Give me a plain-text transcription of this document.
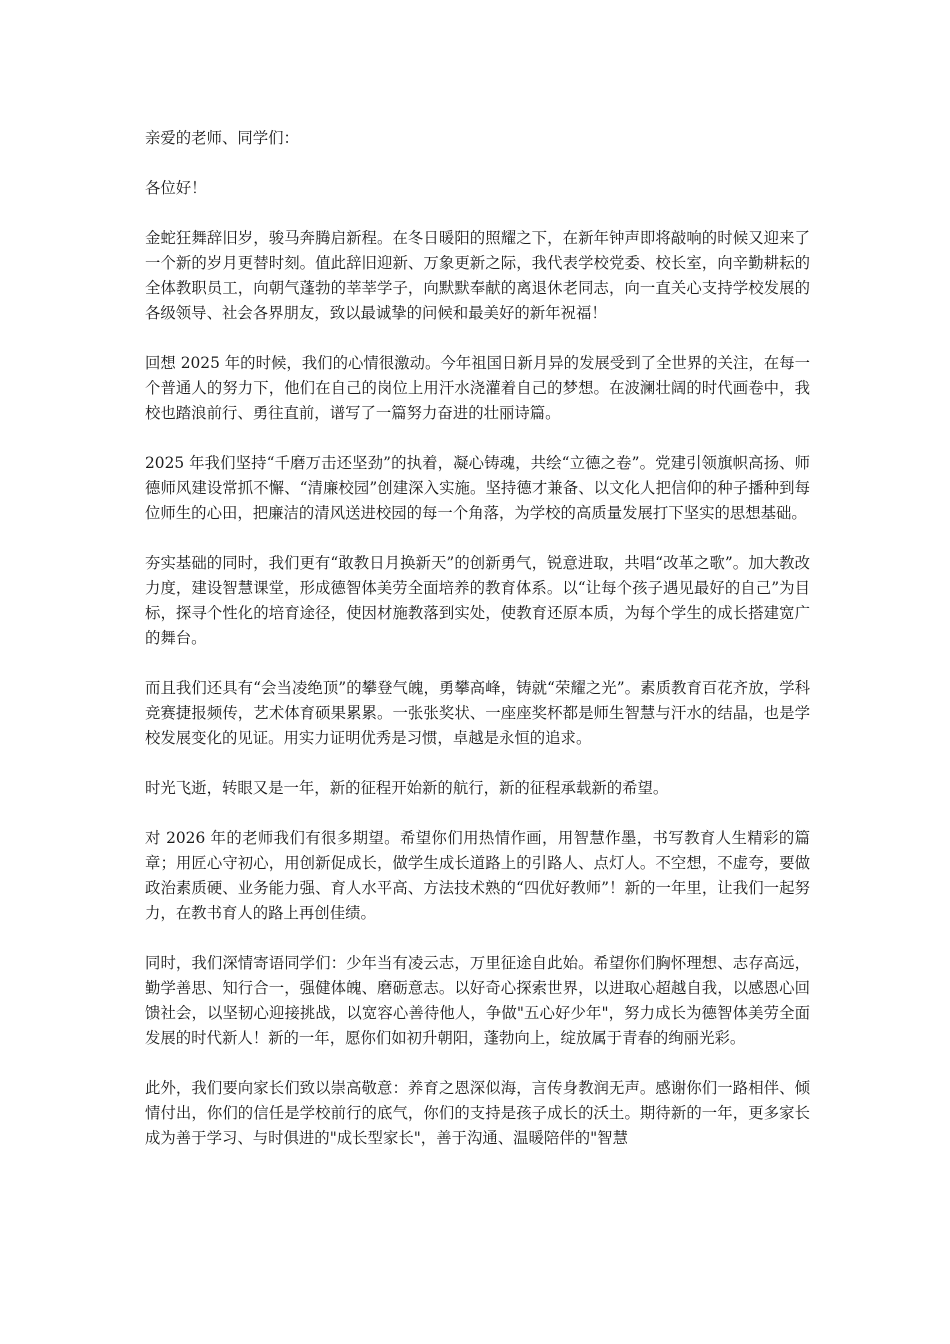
亲爱的老师、同学们：

各位好！

金蛇狂舞辞旧岁，骏马奔腾启新程。在冬日暖阳的照耀之下，在新年钟声即将敲响的时候又迎来了一个新的岁月更替时刻。值此辞旧迎新、万象更新之际，我代表学校党委、校长室，向辛勤耕耘的全体教职员工，向朝气蓬勃的莘莘学子，向默默奉献的离退休老同志，向一直关心支持学校发展的各级领导、社会各界朋友，致以最诚挚的问候和最美好的新年祝福！

回想 2025 年的时候，我们的心情很激动。今年祖国日新月异的发展受到了全世界的关注，在每一个普通人的努力下，他们在自己的岗位上用汗水浇灌着自己的梦想。在波澜壮阔的时代画卷中，我校也踏浪前行、勇往直前，谱写了一篇努力奋进的壮丽诗篇。

2025 年我们坚持“千磨万击还坚劲”的执着，凝心铸魂，共绘“立德之卷”。党建引领旗帜高扬、师德师风建设常抓不懈、“清廉校园”创建深入实施。坚持德才兼备、以文化人把信仰的种子播种到每位师生的心田，把廉洁的清风送进校园的每一个角落，为学校的高质量发展打下坚实的思想基础。

夯实基础的同时，我们更有“敢教日月换新天”的创新勇气，锐意进取，共唱“改革之歌”。加大教改力度，建设智慧课堂，形成德智体美劳全面培养的教育体系。以“让每个孩子遇见最好的自己”为目标，探寻个性化的培育途径，使因材施教落到实处，使教育还原本质，为每个学生的成长搭建宽广的舞台。

而且我们还具有“会当凌绝顶”的攀登气魄，勇攀高峰，铸就“荣耀之光”。素质教育百花齐放，学科竞赛捷报频传，艺术体育硕果累累。一张张奖状、一座座奖杯都是师生智慧与汗水的结晶，也是学校发展变化的见证。用实力证明优秀是习惯，卓越是永恒的追求。

时光飞逝，转眼又是一年，新的征程开始新的航行，新的征程承载新的希望。

对 2026 年的老师我们有很多期望。希望你们用热情作画，用智慧作墨，书写教育人生精彩的篇章；用匠心守初心，用创新促成长，做学生成长道路上的引路人、点灯人。不空想，不虚夸，要做政治素质硬、业务能力强、育人水平高、方法技术熟的“四优好教师”！新的一年里，让我们一起努力，在教书育人的路上再创佳绩。

同时，我们深情寄语同学们：少年当有凌云志，万里征途自此始。希望你们胸怀理想、志存高远，勤学善思、知行合一，强健体魄、磨砺意志。以好奇心探索世界，以进取心超越自我，以感恩心回馈社会，以坚韧心迎接挑战，以宽容心善待他人，争做"五心好少年"，努力成长为德智体美劳全面发展的时代新人！新的一年，愿你们如初升朝阳，蓬勃向上，绽放属于青春的绚丽光彩。

此外，我们要向家长们致以崇高敬意：养育之恩深似海，言传身教润无声。感谢你们一路相伴、倾情付出，你们的信任是学校前行的底气，你们的支持是孩子成长的沃土。期待新的一年，更多家长成为善于学习、与时俱进的"成长型家长"，善于沟通、温暖陪伴的"智慧
